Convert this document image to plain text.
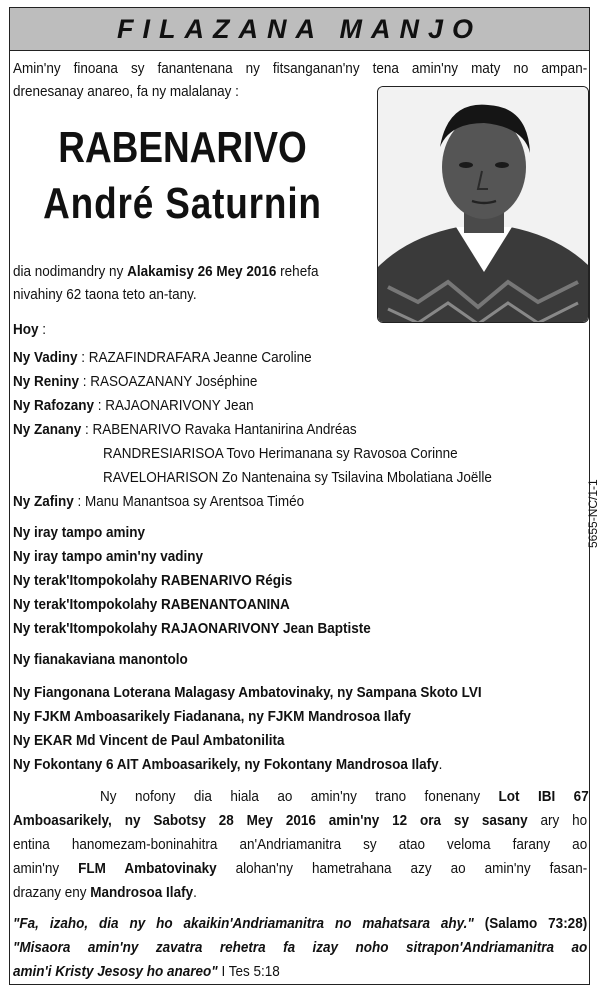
FILAZANA MANJO
Amin'ny finoana sy fanantenana ny fitsanganan'ny tena amin'ny maty no ampan-
drenesanay anareo, fa ny malalanay :
RABENARIVO
André Saturnin
dia nodimandry ny Alakamisy 26 Mey 2016 rehefa
nivahiny 62 taona teto an-tany.
Hoy :
Ny Vadiny : RAZAFINDRAFARA Jeanne Caroline
Ny Reniny : RASOAZANANY Joséphine
Ny Rafozany : RAJAONARIVONY Jean
Ny Zanany : RABENARIVO Ravaka Hantanirina Andréas
RANDRESIARISOA Tovo Herimanana sy Ravosoa Corinne
RAVELOHARISON Zo Nantenaina sy Tsilavina Mbolatiana Joëlle
Ny Zafiny : Manu Manantsoa sy Arentsoa Timéo
Ny iray tampo aminy
Ny iray tampo amin'ny vadiny
Ny terak'Itompokolahy RABENARIVO Régis
Ny terak'Itompokolahy RABENANTOANINA
Ny terak'Itompokolahy RAJAONARIVONY Jean Baptiste
Ny fianakaviana manontolo
Ny Fiangonana Loterana Malagasy Ambatovinaky, ny Sampana Skoto LVI
Ny FJKM Amboasarikely Fiadanana, ny FJKM Mandrosoa Ilafy
Ny EKAR Md Vincent de Paul Ambatonilita
Ny Fokontany 6 AIT Amboasarikely, ny Fokontany Mandrosoa Ilafy.
Ny nofony dia hiala ao amin'ny trano fonenany Lot IBI 67
Amboasarikely, ny Sabotsy 28 Mey 2016 amin'ny 12 ora sy sasany ary ho
entina hanomezam-boninahitra an'Andriamanitra sy atao veloma farany ao
amin'ny FLM Ambatovinaky alohan'ny hametrahana azy ao amin'ny fasan-
drazany eny Mandrosoa Ilafy.
"Fa, izaho, dia ny ho akaikin'Andriamanitra no mahatsara ahy." (Salamo 73:28)
"Misaora amin'ny zavatra rehetra fa izay noho sitrapon'Andriamanitra ao
amin'i Kristy Jesosy ho anareo" I Tes 5:18
5655-NC/1-1
